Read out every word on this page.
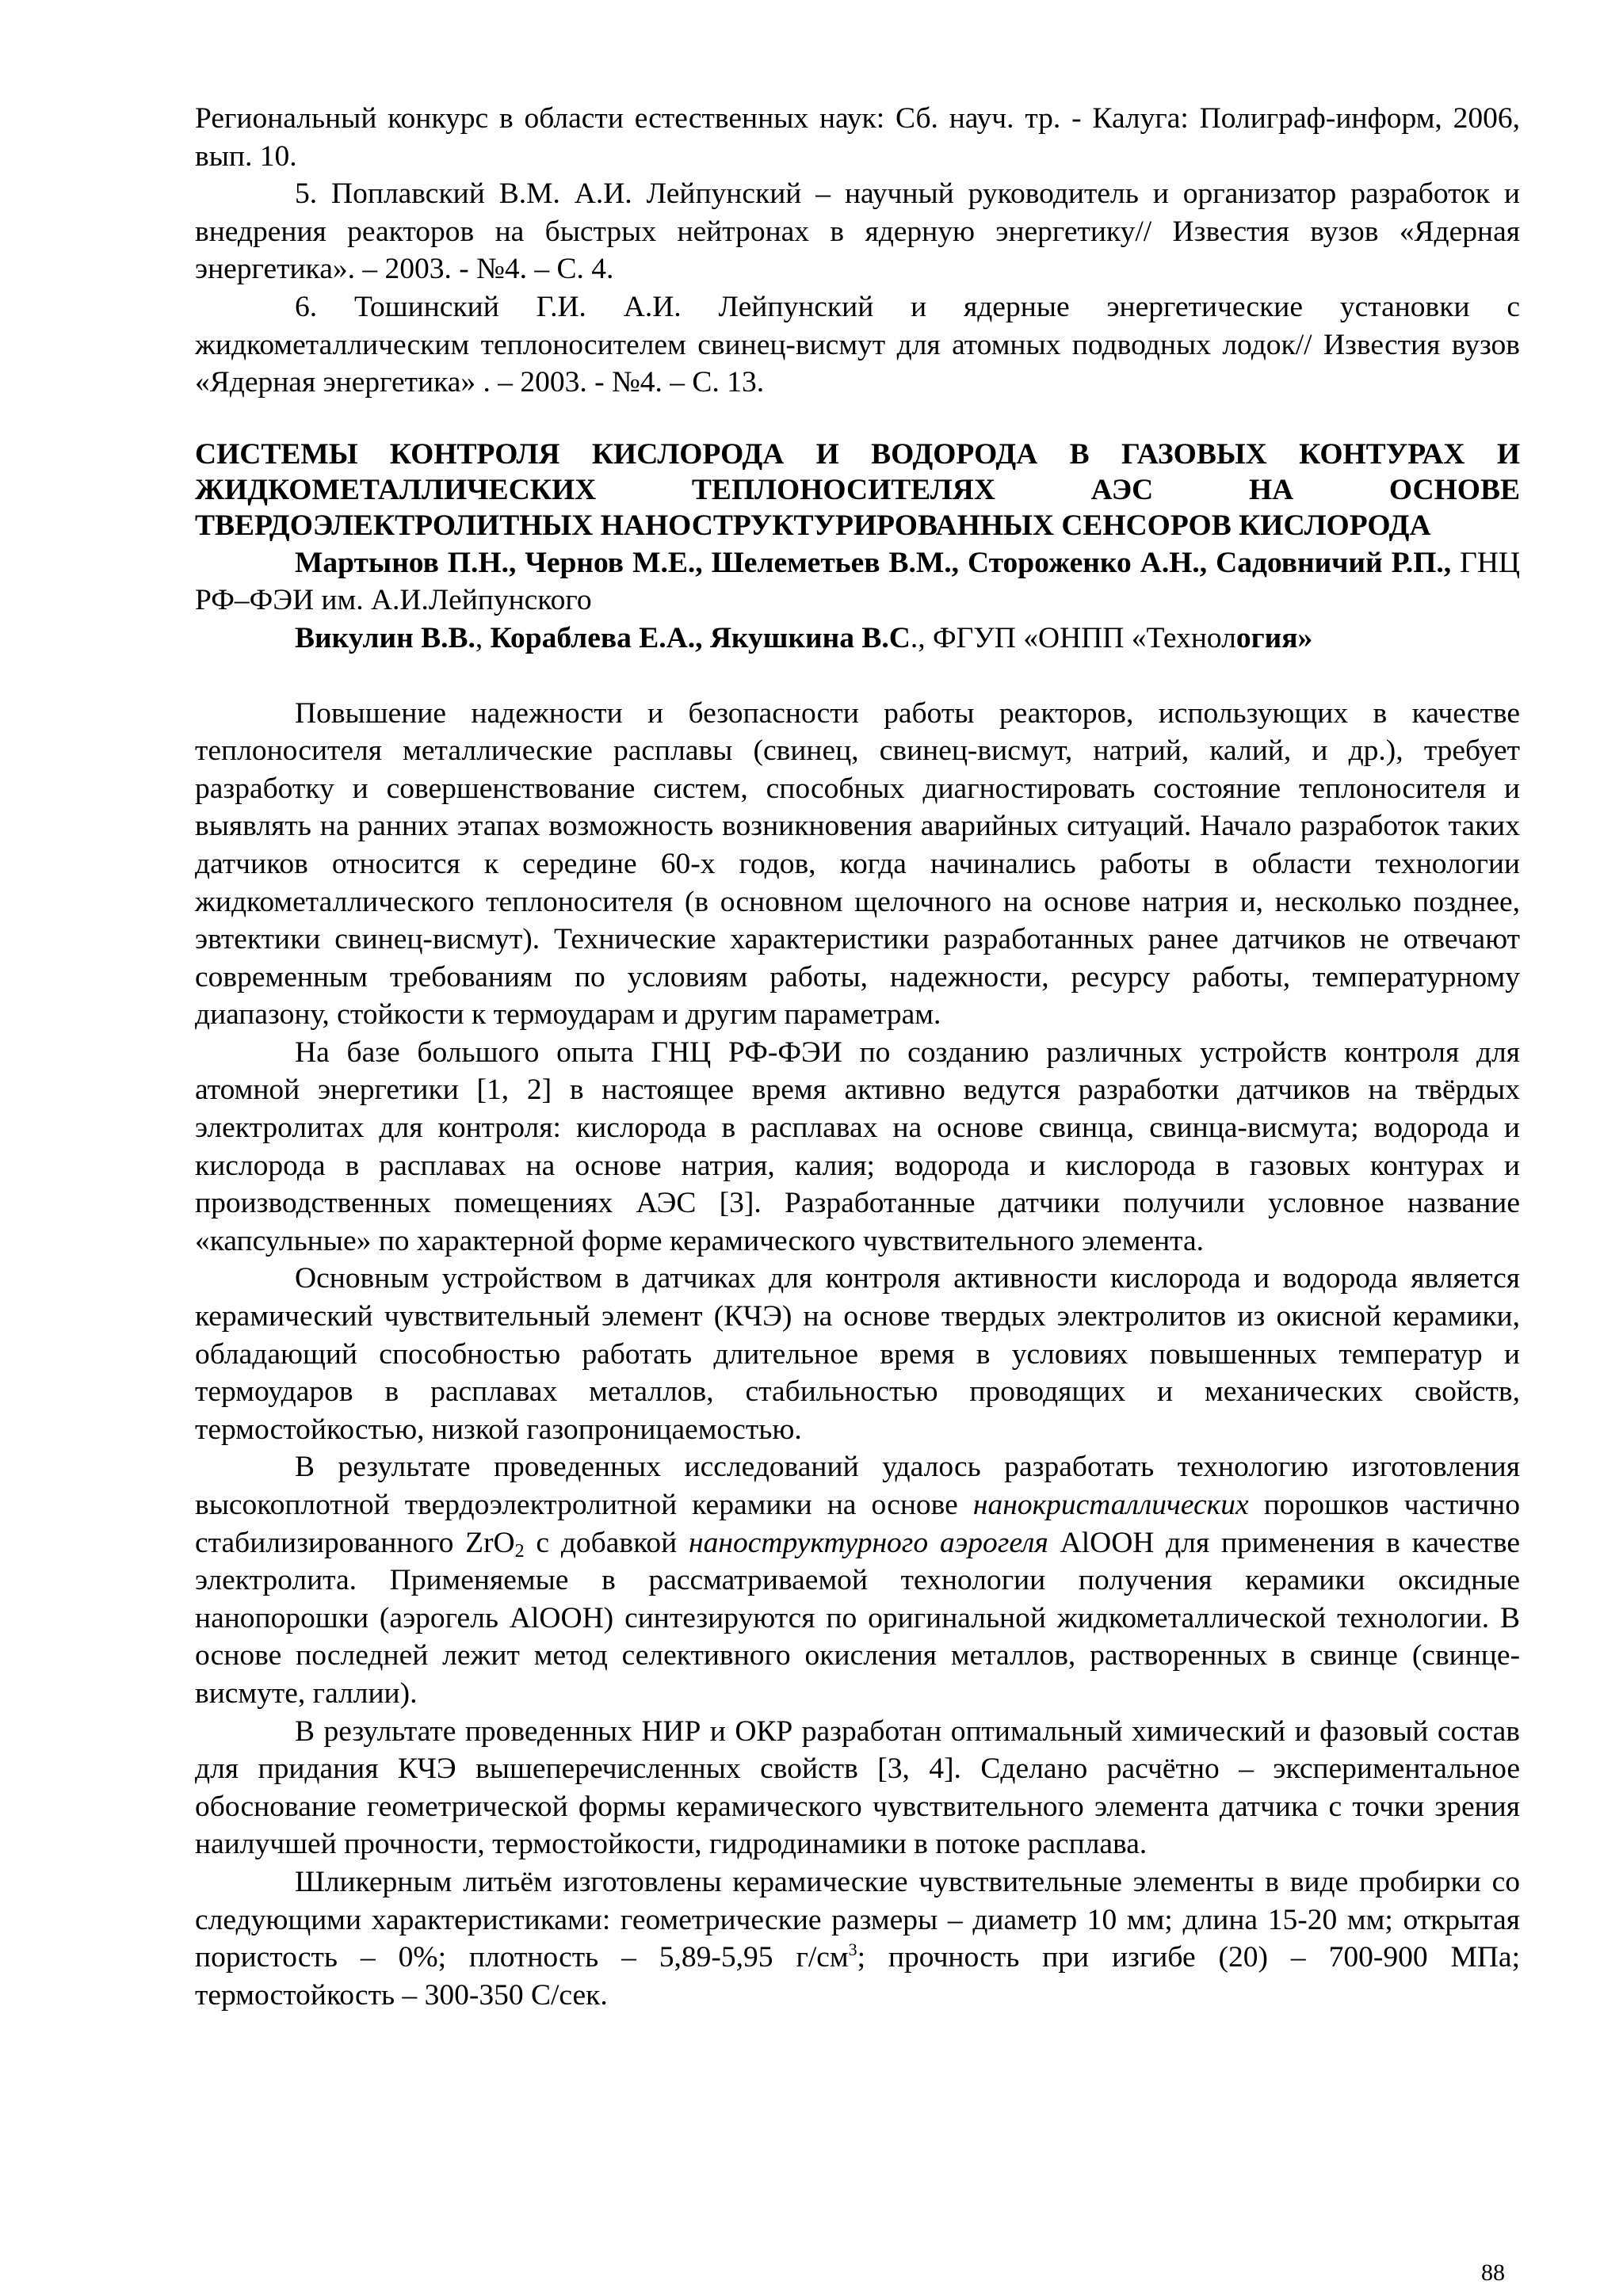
Региональный конкурс в области естественных наук: Сб. науч. тр. - Калуга: Полиграф-информ, 2006, вып. 10.

5. Поплавский В.М. А.И. Лейпунский – научный руководитель и организатор разработок и внедрения реакторов на быстрых нейтронах в ядерную энергетику// Известия вузов «Ядерная энергетика». – 2003. - №4. – С. 4.

6. Тошинский Г.И. А.И. Лейпунский и ядерные энергетические установки с жидкометаллическим теплоносителем свинец-висмут для атомных подводных лодок// Известия вузов «Ядерная энергетика» . – 2003. - №4. – С. 13.

СИСТЕМЫ КОНТРОЛЯ КИСЛОРОДА И ВОДОРОДА В ГАЗОВЫХ КОНТУРАХ И ЖИДКОМЕТАЛЛИЧЕСКИХ ТЕПЛОНОСИТЕЛЯХ АЭС НА ОСНОВЕ ТВЕРДОЭЛЕКТРОЛИТНЫХ НАНОСТРУКТУРИРОВАННЫХ СЕНСОРОВ КИСЛОРОДА

Мартынов П.Н., Чернов М.Е., Шелеметьев В.М., Стороженко А.Н., Садовничий Р.П., ГНЦ РФ–ФЭИ им. А.И.Лейпунского

Викулин В.В., Кораблева Е.А., Якушкина В.С., ФГУП «ОНПП «Технология»

Повышение надежности и безопасности работы реакторов, использующих в качестве теплоносителя металлические расплавы (свинец, свинец-висмут, натрий, калий, и др.), требует разработку и совершенствование систем, способных диагностировать состояние теплоносителя и выявлять на ранних этапах возможность возникновения аварийных ситуаций. Начало разработок таких датчиков относится к середине 60-х годов, когда начинались работы в области технологии жидкометаллического теплоносителя (в основном щелочного на основе натрия и, несколько позднее, эвтектики свинец-висмут). Технические характеристики разработанных ранее датчиков не отвечают современным требованиям по условиям работы, надежности, ресурсу работы, температурному диапазону, стойкости к термоударам и другим параметрам.

На базе большого опыта ГНЦ РФ-ФЭИ по созданию различных устройств контроля для атомной энергетики [1, 2] в настоящее время активно ведутся разработки датчиков на твёрдых электролитах для контроля: кислорода в расплавах на основе свинца, свинца-висмута; водорода и кислорода в расплавах на основе натрия, калия; водорода и кислорода в газовых контурах и производственных помещениях АЭС [3]. Разработанные датчики получили условное название «капсульные» по характерной форме керамического чувствительного элемента.

Основным устройством в датчиках для контроля активности кислорода и водорода является керамический чувствительный элемент (КЧЭ) на основе твердых электролитов из окисной керамики, обладающий способностью работать длительное время в условиях повышенных температур и термоударов в расплавах металлов, стабильностью проводящих и механических свойств, термостойкостью, низкой газопроницаемостью.

В результате проведенных исследований удалось разработать технологию изготовления высокоплотной твердоэлектролитной керамики на основе нанокристаллических порошков частично стабилизированного ZrO$_2$ с добавкой наноструктурного аэрогеля AlOOH для применения в качестве электролита. Применяемые в рассматриваемой технологии получения керамики оксидные нанопорошки (аэрогель AlOOH) синтезируются по оригинальной жидкометаллической технологии. В основе последней лежит метод селективного окисления металлов, растворенных в свинце (свинце-висмуте, галлии).

В результате проведенных НИР и ОКР разработан оптимальный химический и фазовый состав для придания КЧЭ вышеперечисленных свойств [3, 4]. Сделано расчётно – экспериментальное обоснование геометрической формы керамического чувствительного элемента датчика с точки зрения наилучшей прочности, термостойкости, гидродинамики в потоке расплава.

Шликерным литьём изготовлены керамические чувствительные элементы в виде пробирки со следующими характеристиками: геометрические размеры – диаметр 10 мм; длина 15-20 мм; открытая пористость – 0%; плотность – 5,89-5,95 $г/см^3$; прочность при изгибе (20) – 700-900 МПа; термостойкость – 300-350 С/сек.

88
